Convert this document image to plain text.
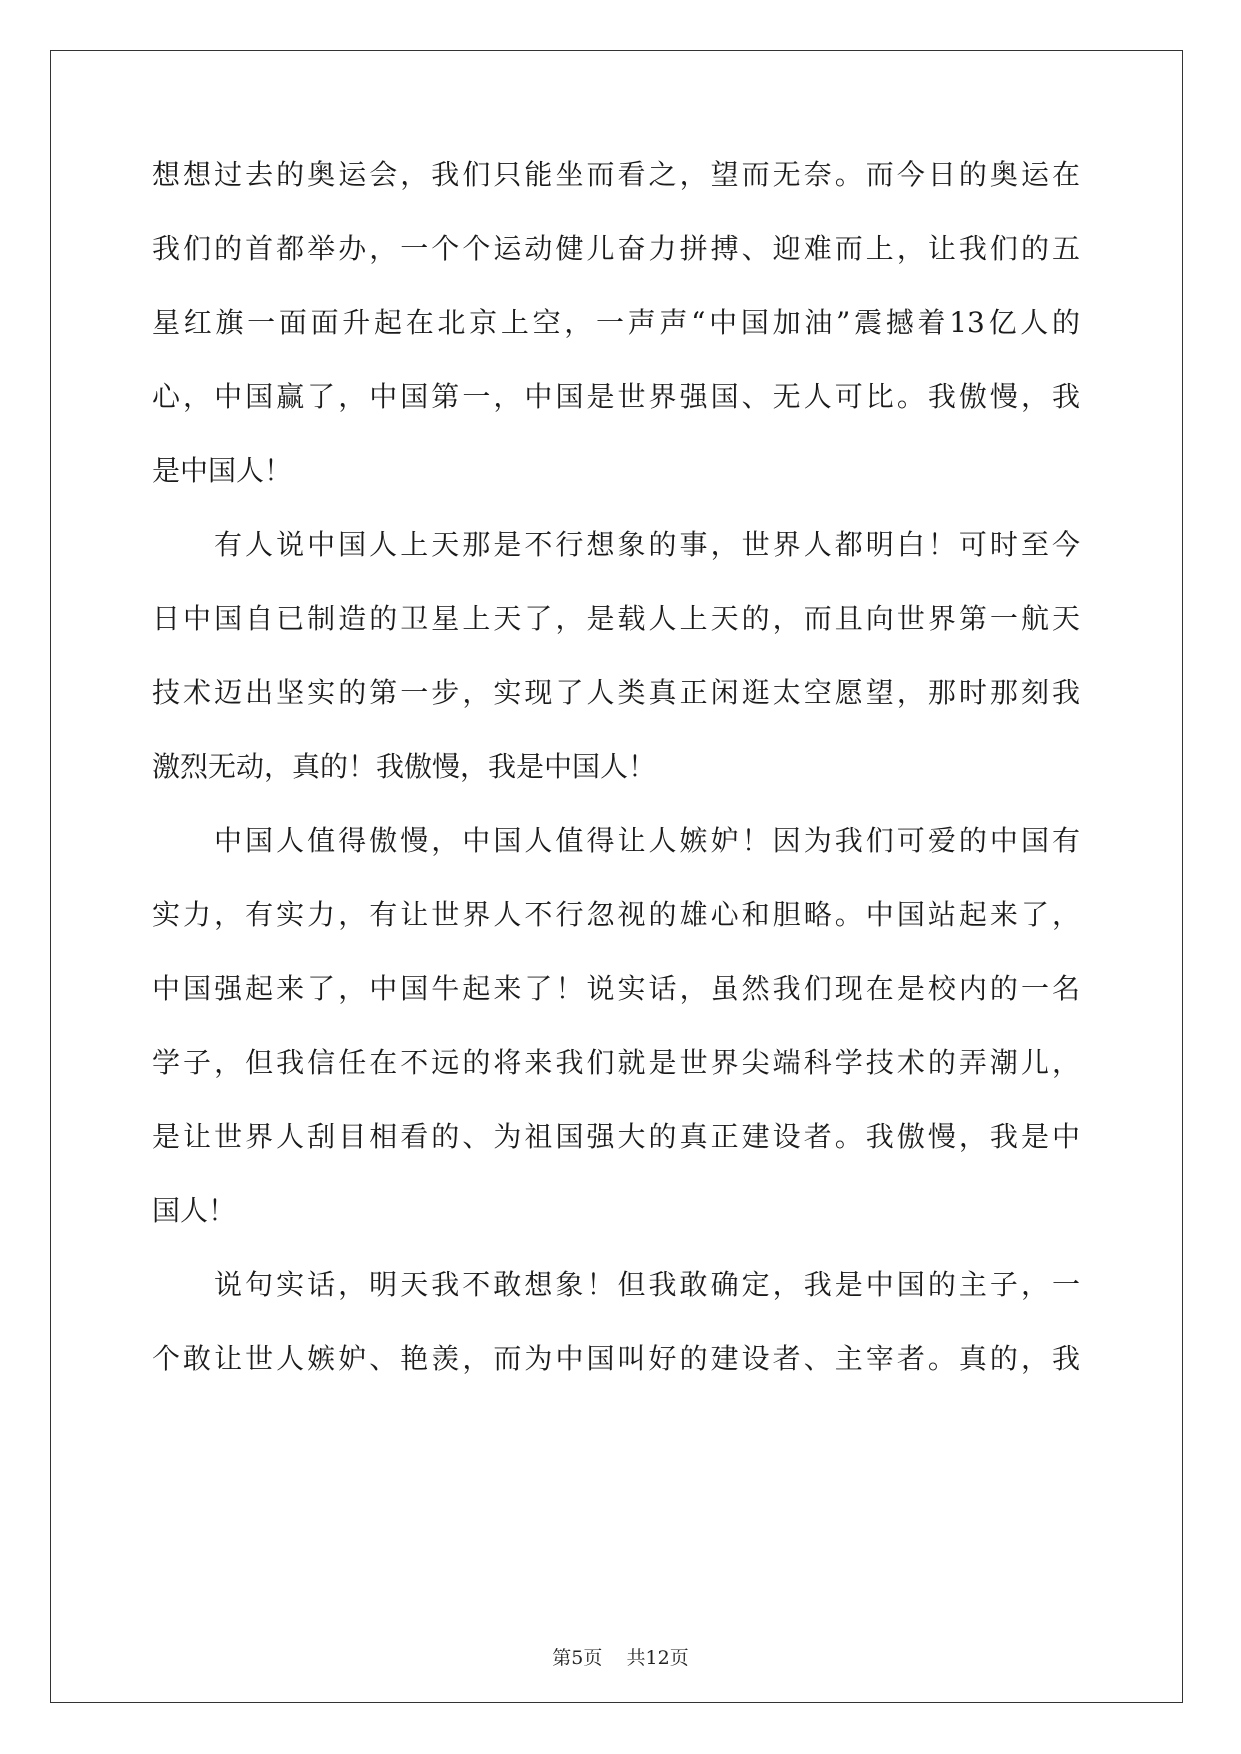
想想过去的奥运会，我们只能坐而看之，望而无奈。而今日的奥运在
我们的首都举办，一个个运动健儿奋力拼搏、迎难而上，让我们的五
星红旗一面面升起在北京上空，一声声“中国加油”震撼着13亿人的
心，中国赢了，中国第一，中国是世界强国、无人可比。我傲慢，我
是中国人！
有人说中国人上天那是不行想象的事，世界人都明白！可时至今
日中国自已制造的卫星上天了，是载人上天的，而且向世界第一航天
技术迈出坚实的第一步，实现了人类真正闲逛太空愿望，那时那刻我
激烈无动，真的！我傲慢，我是中国人！
中国人值得傲慢，中国人值得让人嫉妒！因为我们可爱的中国有
实力，有实力，有让世界人不行忽视的雄心和胆略。中国站起来了，
中国强起来了，中国牛起来了！说实话，虽然我们现在是校内的一名
学子，但我信任在不远的将来我们就是世界尖端科学技术的弄潮儿，
是让世界人刮目相看的、为祖国强大的真正建设者。我傲慢，我是中
国人！
说句实话，明天我不敢想象！但我敢确定，我是中国的主子，一
个敢让世人嫉妒、艳羡，而为中国叫好的建设者、主宰者。真的，我
第5页 共12页
